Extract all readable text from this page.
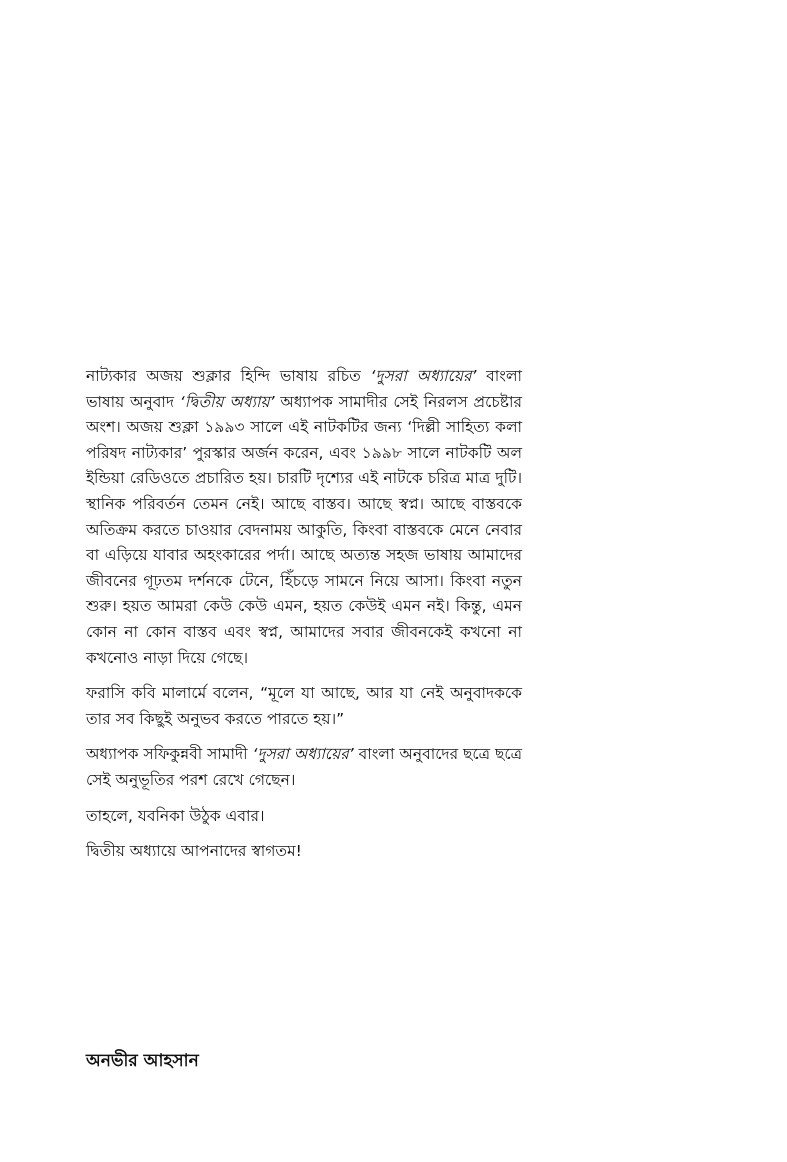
নাট্যকার অজয় শুক্লার হিন্দি ভাষায় রচিত ‘দুসরা অধ্যায়ের’ বাংলা ভাষায় অনুবাদ ‘দ্বিতীয় অধ্যায়’ অধ্যাপক সামাদীর সেই নিরলস প্রচেষ্টার অংশ। অজয় শুক্লা ১৯৯৩ সালে এই নাটকটির জন্য ‘দিল্লী সাহিত্য কলা পরিষদ নাট্যকার’ পুরস্কার অর্জন করেন, এবং ১৯৯৮ সালে নাটকটি অল ইন্ডিয়া রেডিওতে প্রচারিত হয়। চারটি দৃশ্যের এই নাটকে চরিত্র মাত্র দুটি। স্থানিক পরিবর্তন তেমন নেই। আছে বাস্তব। আছে স্বপ্ন। আছে বাস্তবকে অতিক্রম করতে চাওয়ার বেদনাময় আকুতি, কিংবা বাস্তবকে মেনে নেবার বা এড়িয়ে যাবার অহংকারের পর্দা। আছে অত্যন্ত সহজ ভাষায় আমাদের জীবনের গূঢ়তম দর্শনকে টেনে, হিঁচড়ে সামনে নিয়ে আসা। কিংবা নতুন শুরু। হয়ত আমরা কেউ কেউ এমন, হয়ত কেউই এমন নই। কিন্তু, এমন কোন না কোন বাস্তব এবং স্বপ্ন, আমাদের সবার জীবনকেই কখনো না কখনোও নাড়া দিয়ে গেছে।

ফরাসি কবি মালার্মে বলেন, “মূলে যা আছে, আর যা নেই অনুবাদককে তার সব কিছুই অনুভব করতে পারতে হয়।”

অধ্যাপক সফিকুন্নবী সামাদী ‘দুসরা অধ্যায়ের’ বাংলা অনুবাদের ছত্রে ছত্রে সেই অনুভূতির পরশ রেখে গেছেন।

তাহলে, যবনিকা উঠুক এবার।

দ্বিতীয় অধ্যায়ে আপনাদের স্বাগতম!

অনভীর আহসান
